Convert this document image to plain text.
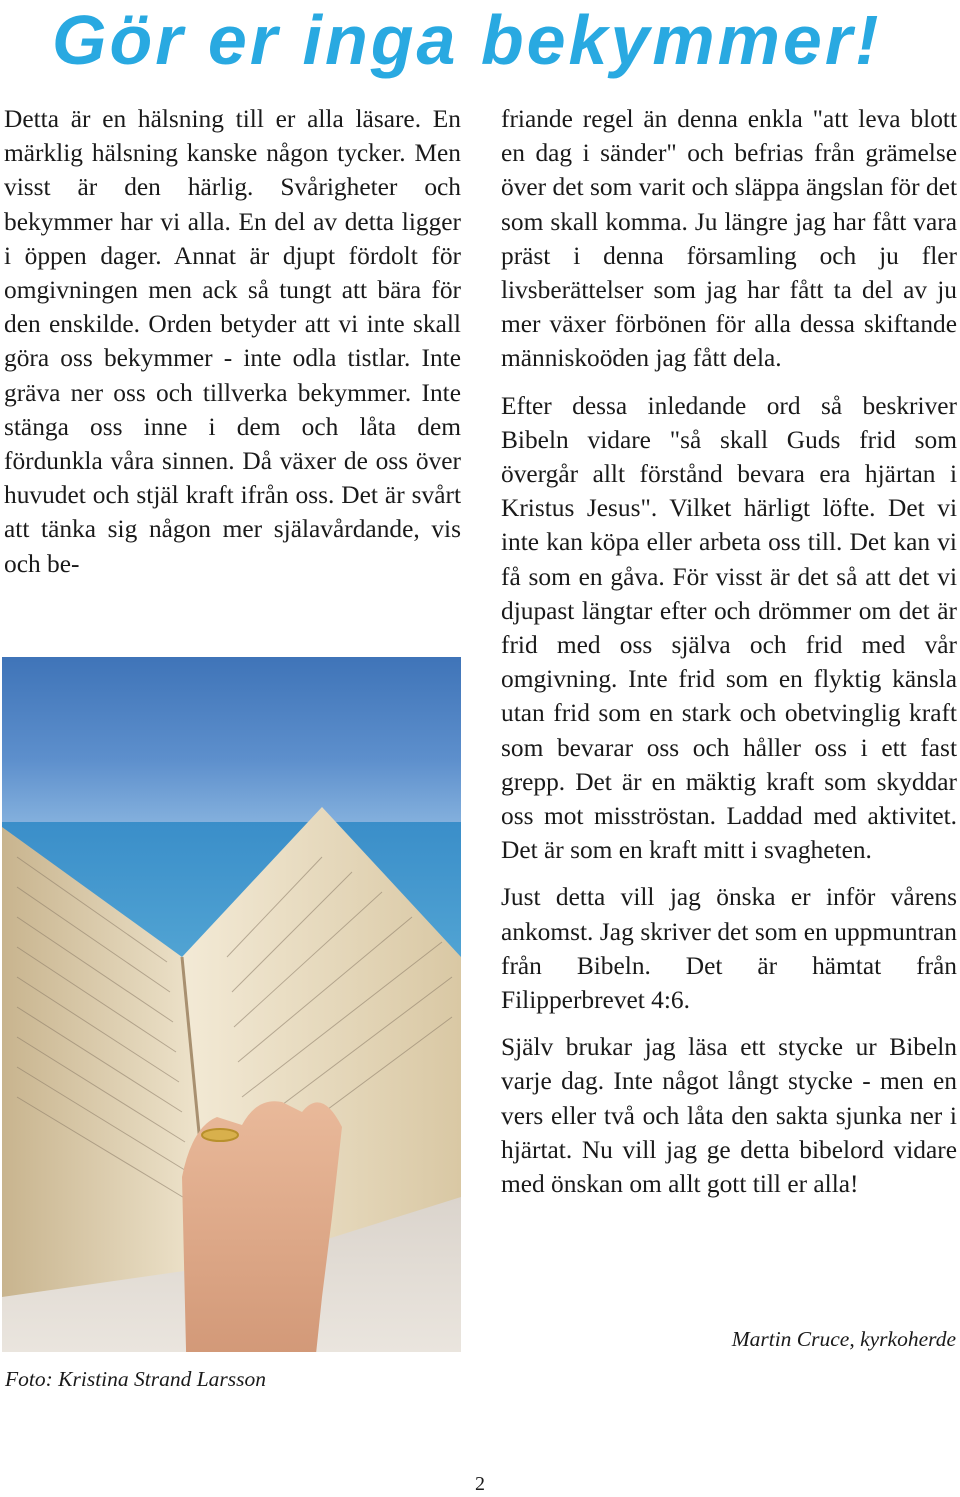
Gör er inga bekymmer!

Detta är en hälsning till er alla läsare. En märklig hälsning kanske någon tycker. Men visst är den härlig. Svårigheter och bekymmer har vi alla. En del av detta ligger i öppen dager. Annat är djupt fördolt för omgivningen men ack så tungt att bära för den enskilde. Orden betyder att vi inte skall göra oss bekymmer - inte odla tistlar. Inte gräva ner oss och tillverka bekymmer. Inte stänga oss inne i dem och låta dem fördunkla våra sinnen. Då växer de oss över huvudet och stjäl kraft ifrån oss. Det är svårt att tänka sig någon mer själavårdande, vis och be-

Foto: Kristina Strand Larsson

friande regel än denna enkla "att leva blott en dag i sänder" och befrias från grämelse över det som varit och släppa ängslan för det som skall komma. Ju längre jag har fått vara präst i denna församling och ju fler livsberättelser som jag har fått ta del av ju mer växer förbönen för alla dessa skiftande människoöden jag fått dela.

Efter dessa inledande ord så beskriver Bibeln vidare "så skall Guds frid som övergår allt förstånd bevara era hjärtan i Kristus Jesus". Vilket härligt löfte. Det vi inte kan köpa eller arbeta oss till. Det kan vi få som en gåva. För visst är det så att det vi djupast längtar efter och drömmer om det är frid med oss själva och frid med vår omgivning. Inte frid som en flyktig känsla utan frid som en stark och obetvinglig kraft som bevarar oss och håller oss i ett fast grepp. Det är en mäktig kraft som skyddar oss mot misströstan. Laddad med aktivitet. Det är som en kraft mitt i svagheten.

Just detta vill jag önska er inför vårens ankomst. Jag skriver det som en uppmuntran från Bibeln. Det är hämtat från Filipperbrevet 4:6.

Själv brukar jag läsa ett stycke ur Bibeln varje dag. Inte något långt stycke - men en vers eller två och låta den sakta sjunka ner i hjärtat. Nu vill jag ge detta bibelord vidare med önskan om allt gott till er alla!

Martin Cruce, kyrkoherde
2
